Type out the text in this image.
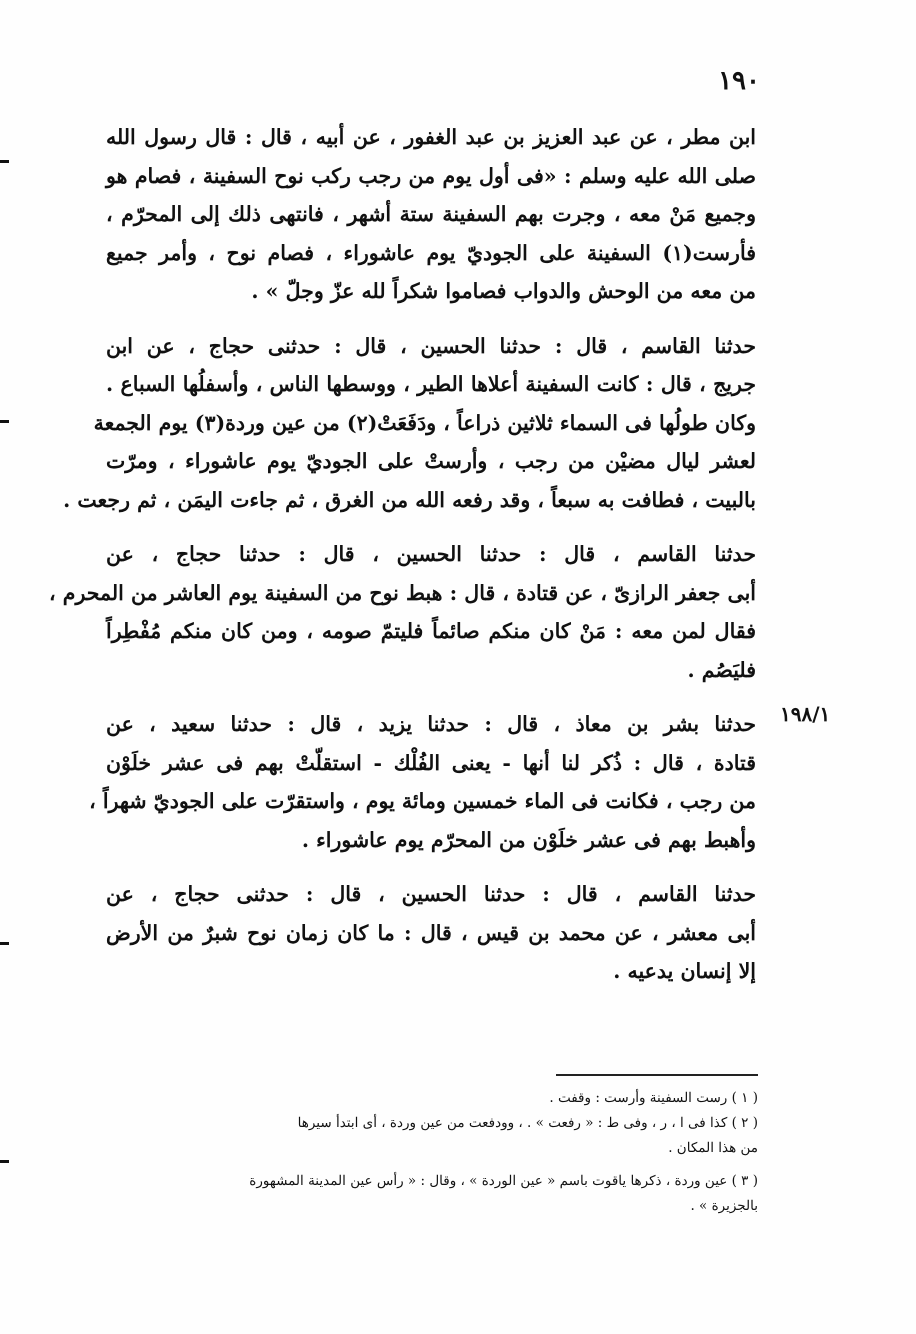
١٩٠
ابن مطر ، عن عبد العزيز بن عبد الغفور ، عن أبيه ، قال : قال رسول الله
صلى الله عليه وسلم : «فى أول يوم من رجب ركب نوح السفينة ، فصام هو
وجميع مَنْ معه ، وجرت بهم السفينة ستة أشهر ، فانتهى ذلك إلى المحرّم ،
فأرست(١) السفينة على الجوديّ يوم عاشوراء ، فصام نوح ، وأمر جميع
من معه من الوحش والدواب فصاموا شكراً لله عزّ وجلّ » .
حدثنا القاسم ، قال : حدثنا الحسين ، قال : حدثنى حجاج ، عن ابن
جريج ، قال : كانت السفينة أعلاها الطير ، ووسطها الناس ، وأسفلُها السباع .
وكان طولُها فى السماء ثلاثين ذراعاً ، ودَفَعَتْ(٢) من عين وردة(٣) يوم الجمعة
لعشر ليال مضيْن من رجب ، وأرستْ على الجوديّ يوم عاشوراء ، ومرّت
بالبيت ، فطافت به سبعاً ، وقد رفعه الله من الغرق ، ثم جاءت اليمَن ، ثم رجعت .
حدثنا القاسم ، قال : حدثنا الحسين ، قال : حدثنا حجاج ، عن
أبى جعفر الرازىّ ، عن قتادة ، قال : هبط نوح من السفينة يوم العاشر من المحرم ،
فقال لمن معه : مَنْ كان منكم صائماً فليتمّ صومه ، ومن كان منكم مُفْطِراً
فليَصُم .
حدثنا بشر بن معاذ ، قال : حدثنا يزيد ، قال : حدثنا سعيد ، عن
قتادة ، قال : ذُكر لنا أنها - يعنى الفُلْك - استقلّتْ بهم فى عشر خلَوْن
من رجب ، فكانت فى الماء خمسين ومائة يوم ، واستقرّت على الجوديّ شهراً ،
وأهبط بهم فى عشر خلَوْن من المحرّم يوم عاشوراء .
حدثنا القاسم ، قال : حدثنا الحسين ، قال : حدثنى حجاج ، عن
أبى معشر ، عن محمد بن قيس ، قال : ما كان زمان نوح شبرٌ من الأرض
إلا إنسان يدعيه .
١٩٨/١
( ١ ) رست السفينة وأرست : وقفت .
( ٢ ) كذا فى ا ، ر ، وفى ط : « رفعت » . ، وودفعت من عين وردة ، أى ابتدأ سيرها
من هذا المكان .
( ٣ ) عين وردة ، ذكرها ياقوت باسم « عين الوردة » ، وقال : « رأس عين المدينة المشهورة
بالجزيرة » .
